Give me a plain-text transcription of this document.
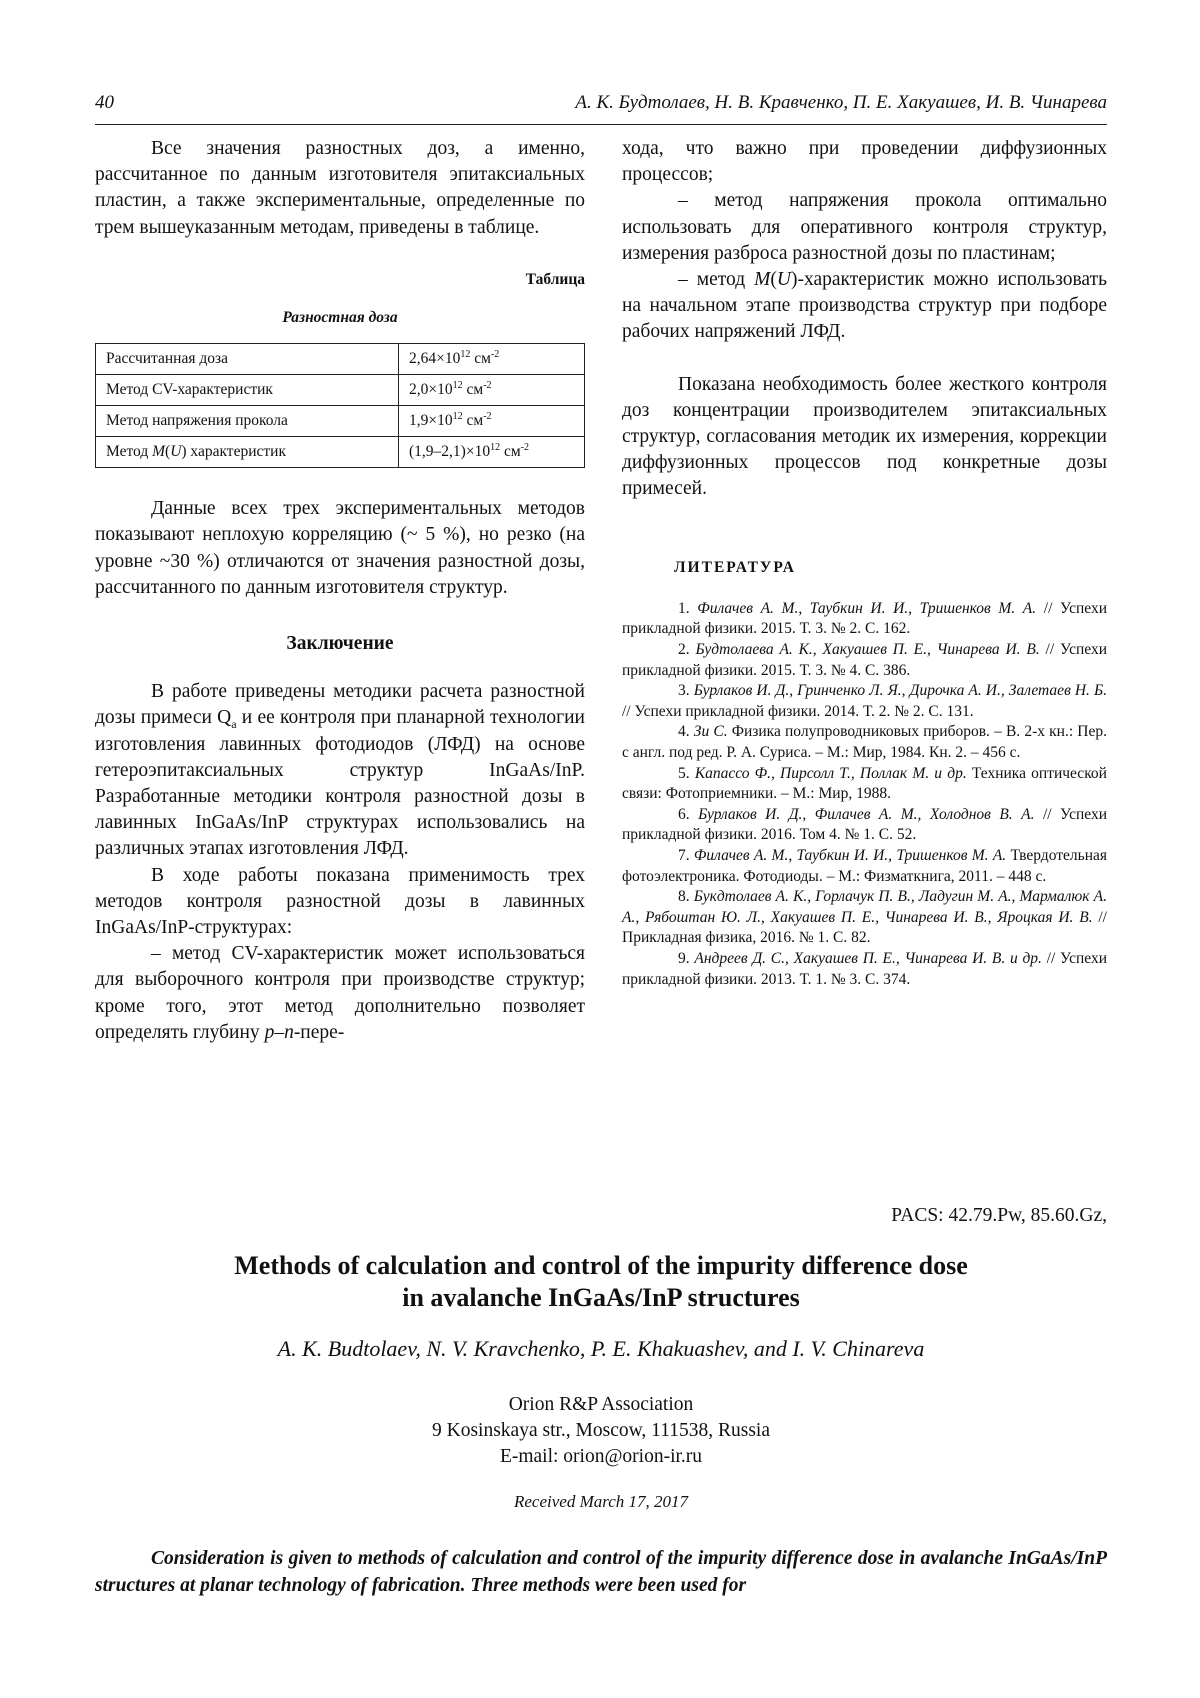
40	А. К. Будтолаев, Н. В. Кравченко, П. Е. Хакуашев, И. В. Чинарева

Все значения разностных доз, а именно, рассчитанное по данным изготовителя эпитаксиальных пластин, а также экспериментальные, определенные по трем вышеуказанным методам, приведены в таблице.

Таблица
Разностная доза
Рассчитанная доза	$2,64\times 10^{12}$ $см^{-2}$
Метод CV-характеристик	$2,0\times 10^{12}$ $см^{-2}$
Метод напряжения прокола	$1,9\times 10^{12}$ $см^{-2}$
Метод M(U) характеристик	$(1,9-2,1)\times 10^{12}$ $см^{-2}$

Данные всех трех экспериментальных методов показывают неплохую корреляцию (~ 5 %), но резко (на уровне ~30 %) отличаются от значения разностной дозы, рассчитанного по данным изготовителя структур.

Заключение

В работе приведены методики расчета разностной дозы примеси $Q_a$ и ее контроля при планарной технологии изготовления лавинных фотодиодов (ЛФД) на основе гетероэпитаксиальных структур InGaAs/InP. Разработанные методики контроля разностной дозы в лавинных InGaAs/InP структурах использовались на различных этапах изготовления ЛФД.

В ходе работы показана применимость трех методов контроля разностной дозы в лавинных InGaAs/InP-структурах:

– метод CV-характеристик может использоваться для выборочного контроля при производстве структур; кроме того, этот метод дополнительно позволяет определять глубину p–n-пере-

хода, что важно при проведении диффузионных процессов;

– метод напряжения прокола оптимально использовать для оперативного контроля структур, измерения разброса разностной дозы по пластинам;

– метод M(U)-характеристик можно использовать на начальном этапе производства структур при подборе рабочих напряжений ЛФД.

Показана необходимость более жесткого контроля доз концентрации производителем эпитаксиальных структур, согласования методик их измерения, коррекции диффузионных процессов под конкретные дозы примесей.

ЛИТЕРАТУРА

1. Филачев А. М., Таубкин И. И., Тришенков М. А. // Успехи прикладной физики. 2015. Т. 3. № 2. С. 162.

2. Будтолаева А. К., Хакуашев П. Е., Чинарева И. В. // Успехи прикладной физики. 2015. Т. 3. № 4. С. 386.

3. Бурлаков И. Д., Гринченко Л. Я., Дирочка А. И., Залетаев Н. Б. // Успехи прикладной физики. 2014. Т. 2. № 2. С. 131.

4. Зи С. Физика полупроводниковых приборов. – В. 2-х кн.: Пер. с англ. под ред. Р. А. Суриса. – М.: Мир, 1984. Кн. 2. – 456 с.

5. Капассо Ф., Пирсолл Т., Поллак М. и др. Техника оптической связи: Фотоприемники. – М.: Мир, 1988.

6. Бурлаков И. Д., Филачев А. М., Холоднов В. А. // Успехи прикладной физики. 2016. Том 4. № 1. С. 52.

7. Филачев А. М., Таубкин И. И., Тришенков М. А. Твердотельная фотоэлектроника. Фотодиоды. – М.: Физматкнига, 2011. – 448 с.

8. Букдтолаев А. К., Горлачук П. В., Ладугин М. А., Мармалюк А. А., Рябоштан Ю. Л., Хакуашев П. Е., Чинарева И. В., Яроцкая И. В. // Прикладная физика, 2016. № 1. С. 82.

9. Андреев Д. С., Хакуашев П. Е., Чинарева И. В. и др. // Успехи прикладной физики. 2013. Т. 1. № 3. С. 374.

PACS: 42.79.Pw, 85.60.Gz,
Methods of calculation and control of the impurity difference dose
in avalanche InGaAs/InP structures
A. K. Budtolaev, N. V. Kravchenko, P. E. Khakuashev, and I. V. Chinareva
Orion R&P Association
9 Kosinskaya str., Moscow, 111538, Russia
E-mail: orion@orion-ir.ru
Received March 17, 2017
Consideration is given to methods of calculation and control of the impurity difference dose in avalanche InGaAs/InP structures at planar technology of fabrication. Three methods were been used for
